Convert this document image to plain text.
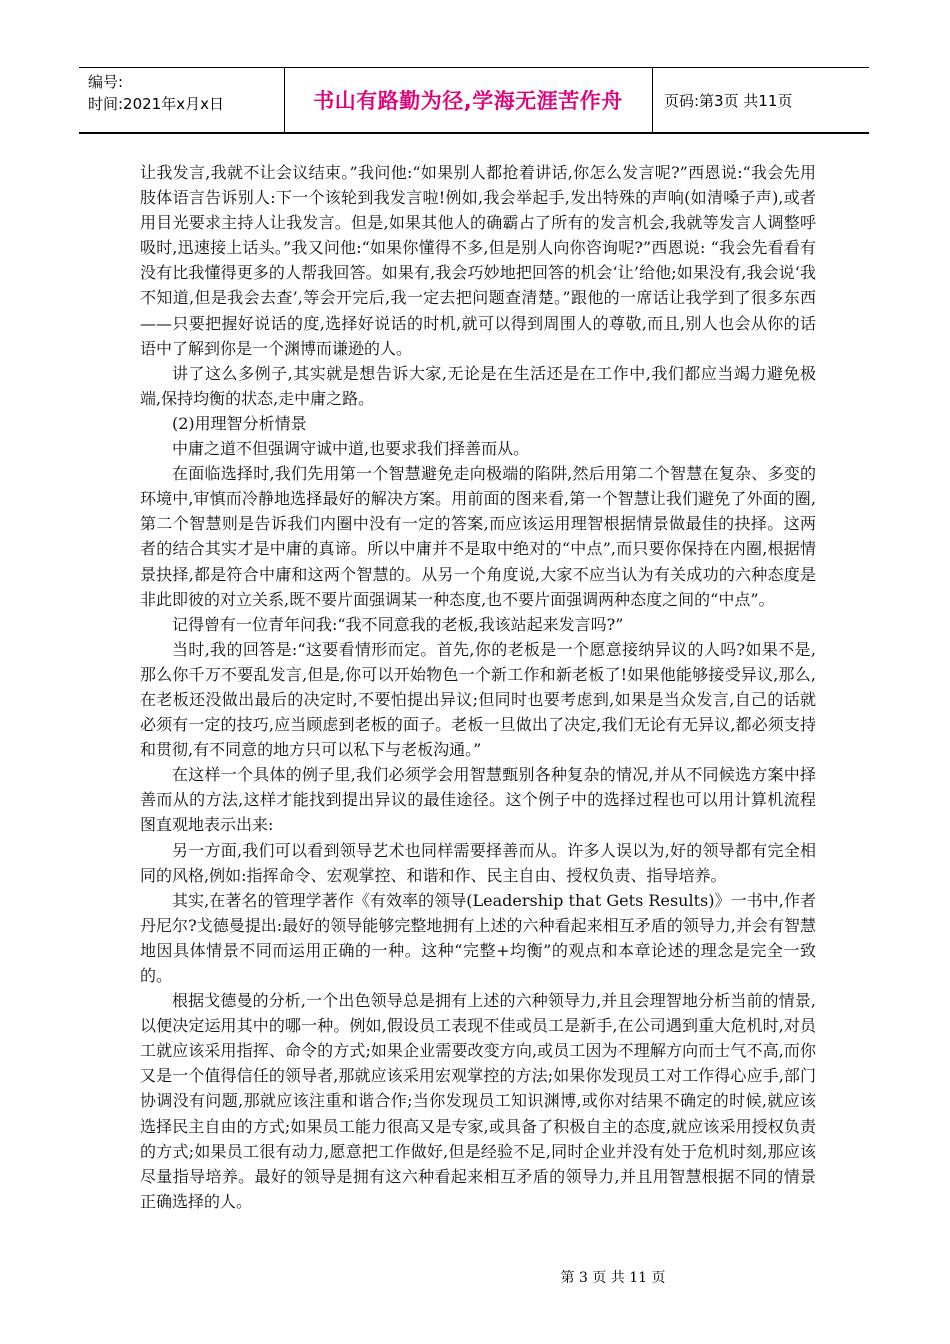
编号:
时间:2021年x月x日	书山有路勤为径,学海无涯苦作舟	页码:第3页 共11页

让我发言,我就不让会议结束。”我问他:“如果别人都抢着讲话,你怎么发言呢?”西恩说:“我会先用肢体语言告诉别人:下一个该轮到我发言啦!例如,我会举起手,发出特殊的声响(如清嗓子声),或者用目光要求主持人让我发言。但是,如果其他人的确霸占了所有的发言机会,我就等发言人调整呼吸时,迅速接上话头。”我又问他:“如果你懂得不多,但是别人向你咨询呢?”西恩说: “我会先看看有没有比我懂得更多的人帮我回答。如果有,我会巧妙地把回答的机会‘让’给他;如果没有,我会说‘我不知道,但是我会去查’,等会开完后,我一定去把问题查清楚。”跟他的一席话让我学到了很多东西——只要把握好说话的度,选择好说话的时机,就可以得到周围人的尊敬,而且,别人也会从你的话语中了解到你是一个渊博而谦逊的人。

讲了这么多例子,其实就是想告诉大家,无论是在生活还是在工作中,我们都应当竭力避免极端,保持均衡的状态,走中庸之路。

(2)用理智分析情景

中庸之道不但强调守诚中道,也要求我们择善而从。

在面临选择时,我们先用第一个智慧避免走向极端的陷阱,然后用第二个智慧在复杂、多变的环境中,审慎而冷静地选择最好的解决方案。用前面的图来看,第一个智慧让我们避免了外面的圈,第二个智慧则是告诉我们内圈中没有一定的答案,而应该运用理智根据情景做最佳的抉择。这两者的结合其实才是中庸的真谛。所以中庸并不是取中绝对的“中点”,而只要你保持在内圈,根据情景抉择,都是符合中庸和这两个智慧的。从另一个角度说,大家不应当认为有关成功的六种态度是非此即彼的对立关系,既不要片面强调某一种态度,也不要片面强调两种态度之间的“中点”。

记得曾有一位青年问我:“我不同意我的老板,我该站起来发言吗?”

当时,我的回答是:“这要看情形而定。首先,你的老板是一个愿意接纳异议的人吗?如果不是,那么你千万不要乱发言,但是,你可以开始物色一个新工作和新老板了!如果他能够接受异议,那么,在老板还没做出最后的决定时,不要怕提出异议;但同时也要考虑到,如果是当众发言,自己的话就必须有一定的技巧,应当顾虑到老板的面子。老板一旦做出了决定,我们无论有无异议,都必须支持和贯彻,有不同意的地方只可以私下与老板沟通。”

在这样一个具体的例子里,我们必须学会用智慧甄别各种复杂的情况,并从不同候选方案中择善而从的方法,这样才能找到提出异议的最佳途径。这个例子中的选择过程也可以用计算机流程图直观地表示出来:

另一方面,我们可以看到领导艺术也同样需要择善而从。许多人误以为,好的领导都有完全相同的风格,例如:指挥命令、宏观掌控、和谐和作、民主自由、授权负责、指导培养。

其实,在著名的管理学著作《有效率的领导(Leadership that Gets Results)》一书中,作者丹尼尔?戈德曼提出:最好的领导能够完整地拥有上述的六种看起来相互矛盾的领导力,并会有智慧地因具体情景不同而运用正确的一种。这种“完整+均衡”的观点和本章论述的理念是完全一致的。

根据戈德曼的分析,一个出色领导总是拥有上述的六种领导力,并且会理智地分析当前的情景,以便决定运用其中的哪一种。例如,假设员工表现不佳或员工是新手,在公司遇到重大危机时,对员工就应该采用指挥、命令的方式;如果企业需要改变方向,或员工因为不理解方向而士气不高,而你又是一个值得信任的领导者,那就应该采用宏观掌控的方法;如果你发现员工对工作得心应手,部门协调没有问题,那就应该注重和谐合作;当你发现员工知识渊博,或你对结果不确定的时候,就应该选择民主自由的方式;如果员工能力很高又是专家,或具备了积极自主的态度,就应该采用授权负责的方式;如果员工很有动力,愿意把工作做好,但是经验不足,同时企业并没有处于危机时刻,那应该尽量指导培养。最好的领导是拥有这六种看起来相互矛盾的领导力,并且用智慧根据不同的情景正确选择的人。

第 3 页 共 11 页
